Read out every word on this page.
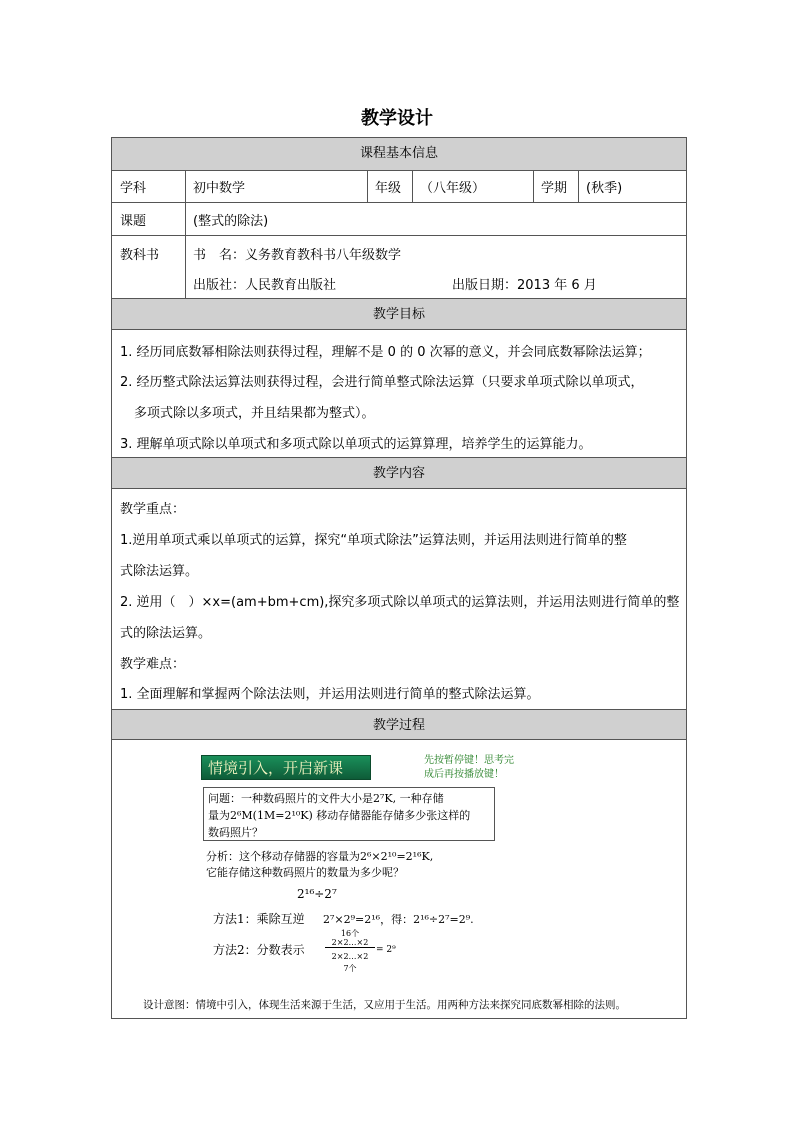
教学设计
课程基本信息
学科	初中数学	年级	（八年级）	学期	(秋季)
课题	(整式的除法)
教科书	书　名：义务教育教科书八年级数学
出版社：人民教育出版社	出版日期：2013 年 6 月
教学目标
1. 经历同底数幂相除法则获得过程，理解不是 0 的 0 次幂的意义，并会同底数幂除法运算；
2. 经历整式除法运算法则获得过程，会进行简单整式除法运算（只要求单项式除以单项式，
多项式除以多项式，并且结果都为整式）。
3. 理解单项式除以单项式和多项式除以单项式的运算算理，培养学生的运算能力。
教学内容
教学重点：
1.逆用单项式乘以单项式的运算，探究“单项式除法”运算法则，并运用法则进行简单的整
式除法运算。
2. 逆用（　）×x=(am+bm+cm),探究多项式除以单项式的运算法则，并运用法则进行简单的整
式的除法运算。
教学难点：
1. 全面理解和掌握两个除法法则，并运用法则进行简单的整式除法运算。
教学过程
情境引入，开启新课	先按暂停键！思考完
成后再按播放键！
问题：一种数码照片的文件大小是2⁷K, 一种存储
量为2⁶M(1M=2¹⁰K) 移动存储器能存储多少张这样的
数码照片？
分析：这个移动存储器的容量为2⁶×2¹⁰=2¹⁶K,
它能存储这种数码照片的数量为多少呢？
2¹⁶÷2⁷
方法1：乘除互逆 2⁷×2⁹=2¹⁶，得：2¹⁶÷2⁷=2⁹.
方法2：分数表示
16个
2×2…×2
2×2…×2
7个
= 2⁹
设计意图：情境中引入，体现生活来源于生活，又应用于生活。用两种方法来探究同底数幂相除的法则。
